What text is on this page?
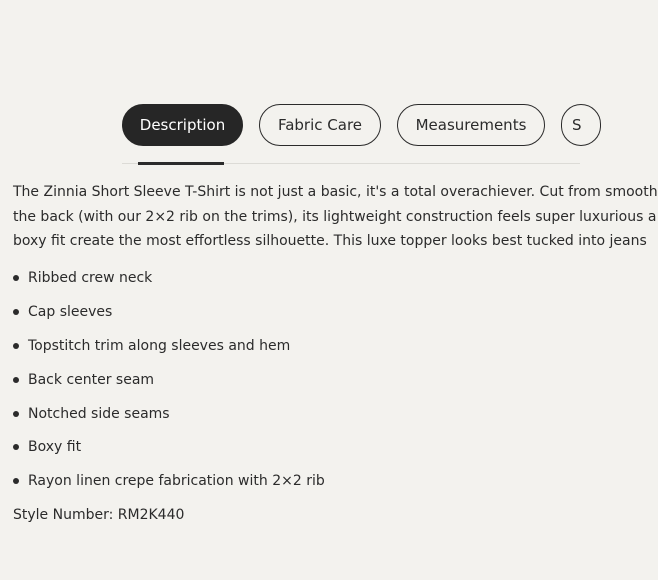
Description	Fabric Care	Measurements	S

The Zinnia Short Sleeve T-Shirt is not just a basic, it's a total overachiever. Cut from smooth

the back (with our 2×2 rib on the trims), its lightweight construction feels super luxurious a

boxy fit create the most effortless silhouette. This luxe topper looks best tucked into jeans

Ribbed crew neck
Cap sleeves
Topstitch trim along sleeves and hem
Back center seam
Notched side seams
Boxy fit
Rayon linen crepe fabrication with 2×2 rib
Style Number: RM2K440
